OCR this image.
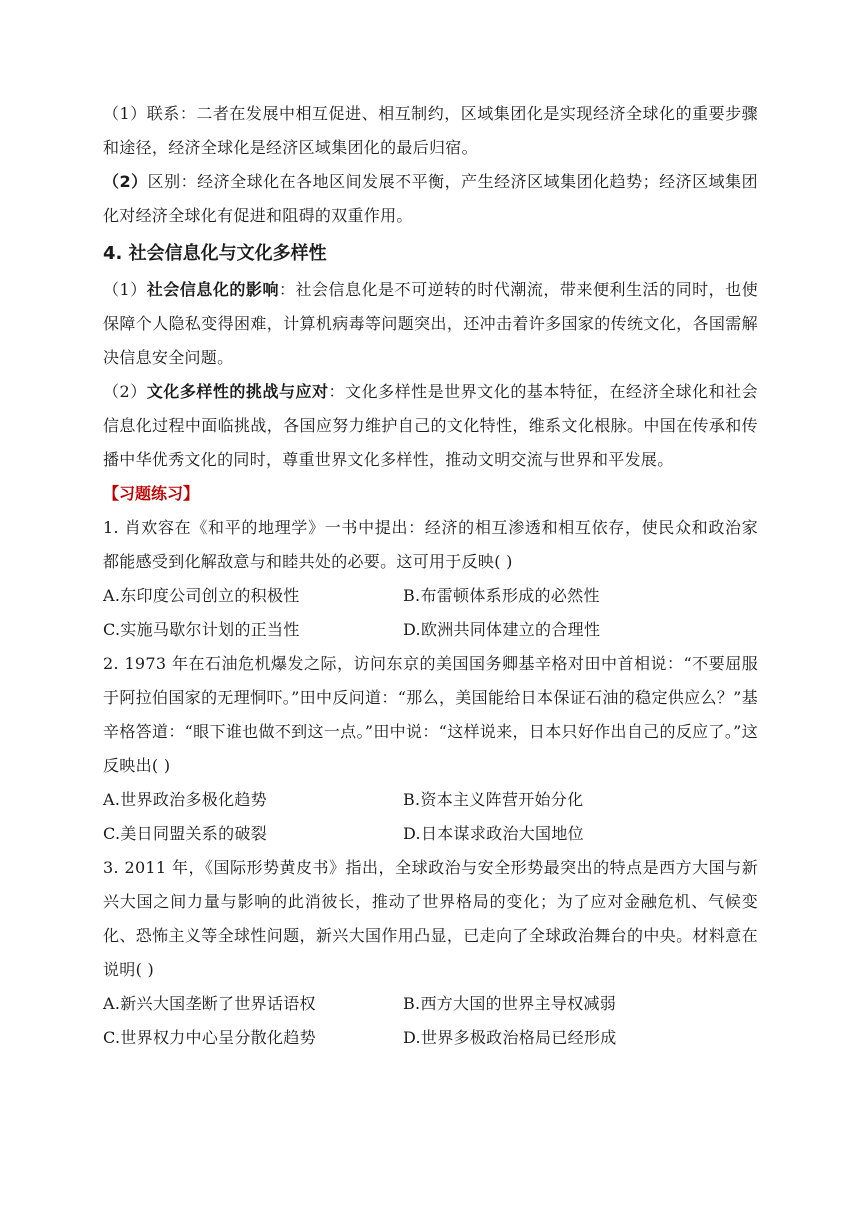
（1）联系：二者在发展中相互促进、相互制约，区域集团化是实现经济全球化的重要步骤和途径，经济全球化是经济区域集团化的最后归宿。

（2）区别：经济全球化在各地区间发展不平衡，产生经济区域集团化趋势；经济区域集团化对经济全球化有促进和阻碍的双重作用。

4. 社会信息化与文化多样性

（1）社会信息化的影响：社会信息化是不可逆转的时代潮流，带来便利生活的同时，也使保障个人隐私变得困难，计算机病毒等问题突出，还冲击着许多国家的传统文化，各国需解决信息安全问题。

（2）文化多样性的挑战与应对：文化多样性是世界文化的基本特征，在经济全球化和社会信息化过程中面临挑战，各国应努力维护自己的文化特性，维系文化根脉。中国在传承和传播中华优秀文化的同时，尊重世界文化多样性，推动文明交流与世界和平发展。

【习题练习】

1. 肖欢容在《和平的地理学》一书中提出：经济的相互渗透和相互依存，使民众和政治家都能感受到化解敌意与和睦共处的必要。这可用于反映( )

A.东印度公司创立的积极性	B.布雷顿体系形成的必然性
C.实施马歇尔计划的正当性	D.欧洲共同体建立的合理性

2. 1973 年在石油危机爆发之际，访问东京的美国国务卿基辛格对田中首相说：“不要屈服于阿拉伯国家的无理恫吓。”田中反问道：“那么，美国能给日本保证石油的稳定供应么？”基辛格答道：“眼下谁也做不到这一点。”田中说：“这样说来，日本只好作出自己的反应了。”这反映出( )

A.世界政治多极化趋势	B.资本主义阵营开始分化
C.美日同盟关系的破裂	D.日本谋求政治大国地位

3. 2011 年，《国际形势黄皮书》指出，全球政治与安全形势最突出的特点是西方大国与新兴大国之间力量与影响的此消彼长，推动了世界格局的变化；为了应对金融危机、气候变化、恐怖主义等全球性问题，新兴大国作用凸显，已走向了全球政治舞台的中央。材料意在说明( )

A.新兴大国垄断了世界话语权	B.西方大国的世界主导权减弱
C.世界权力中心呈分散化趋势	D.世界多极政治格局已经形成
